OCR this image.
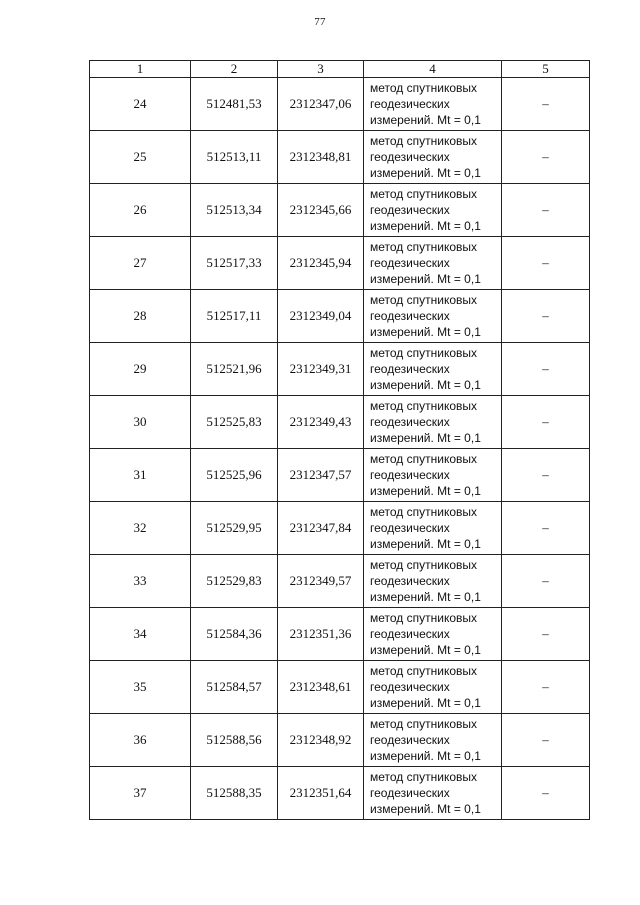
77
1	2	3	4	5
24	512481,53	2312347,06	метод спутниковых
геодезических
измерений. Mt = 0,1	–
25	512513,11	2312348,81	метод спутниковых
геодезических
измерений. Mt = 0,1	–
26	512513,34	2312345,66	метод спутниковых
геодезических
измерений. Mt = 0,1	–
27	512517,33	2312345,94	метод спутниковых
геодезических
измерений. Mt = 0,1	–
28	512517,11	2312349,04	метод спутниковых
геодезических
измерений. Mt = 0,1	–
29	512521,96	2312349,31	метод спутниковых
геодезических
измерений. Mt = 0,1	–
30	512525,83	2312349,43	метод спутниковых
геодезических
измерений. Mt = 0,1	–
31	512525,96	2312347,57	метод спутниковых
геодезических
измерений. Mt = 0,1	–
32	512529,95	2312347,84	метод спутниковых
геодезических
измерений. Mt = 0,1	–
33	512529,83	2312349,57	метод спутниковых
геодезических
измерений. Mt = 0,1	–
34	512584,36	2312351,36	метод спутниковых
геодезических
измерений. Mt = 0,1	–
35	512584,57	2312348,61	метод спутниковых
геодезических
измерений. Mt = 0,1	–
36	512588,56	2312348,92	метод спутниковых
геодезических
измерений. Mt = 0,1	–
37	512588,35	2312351,64	метод спутниковых
геодезических
измерений. Mt = 0,1	–
